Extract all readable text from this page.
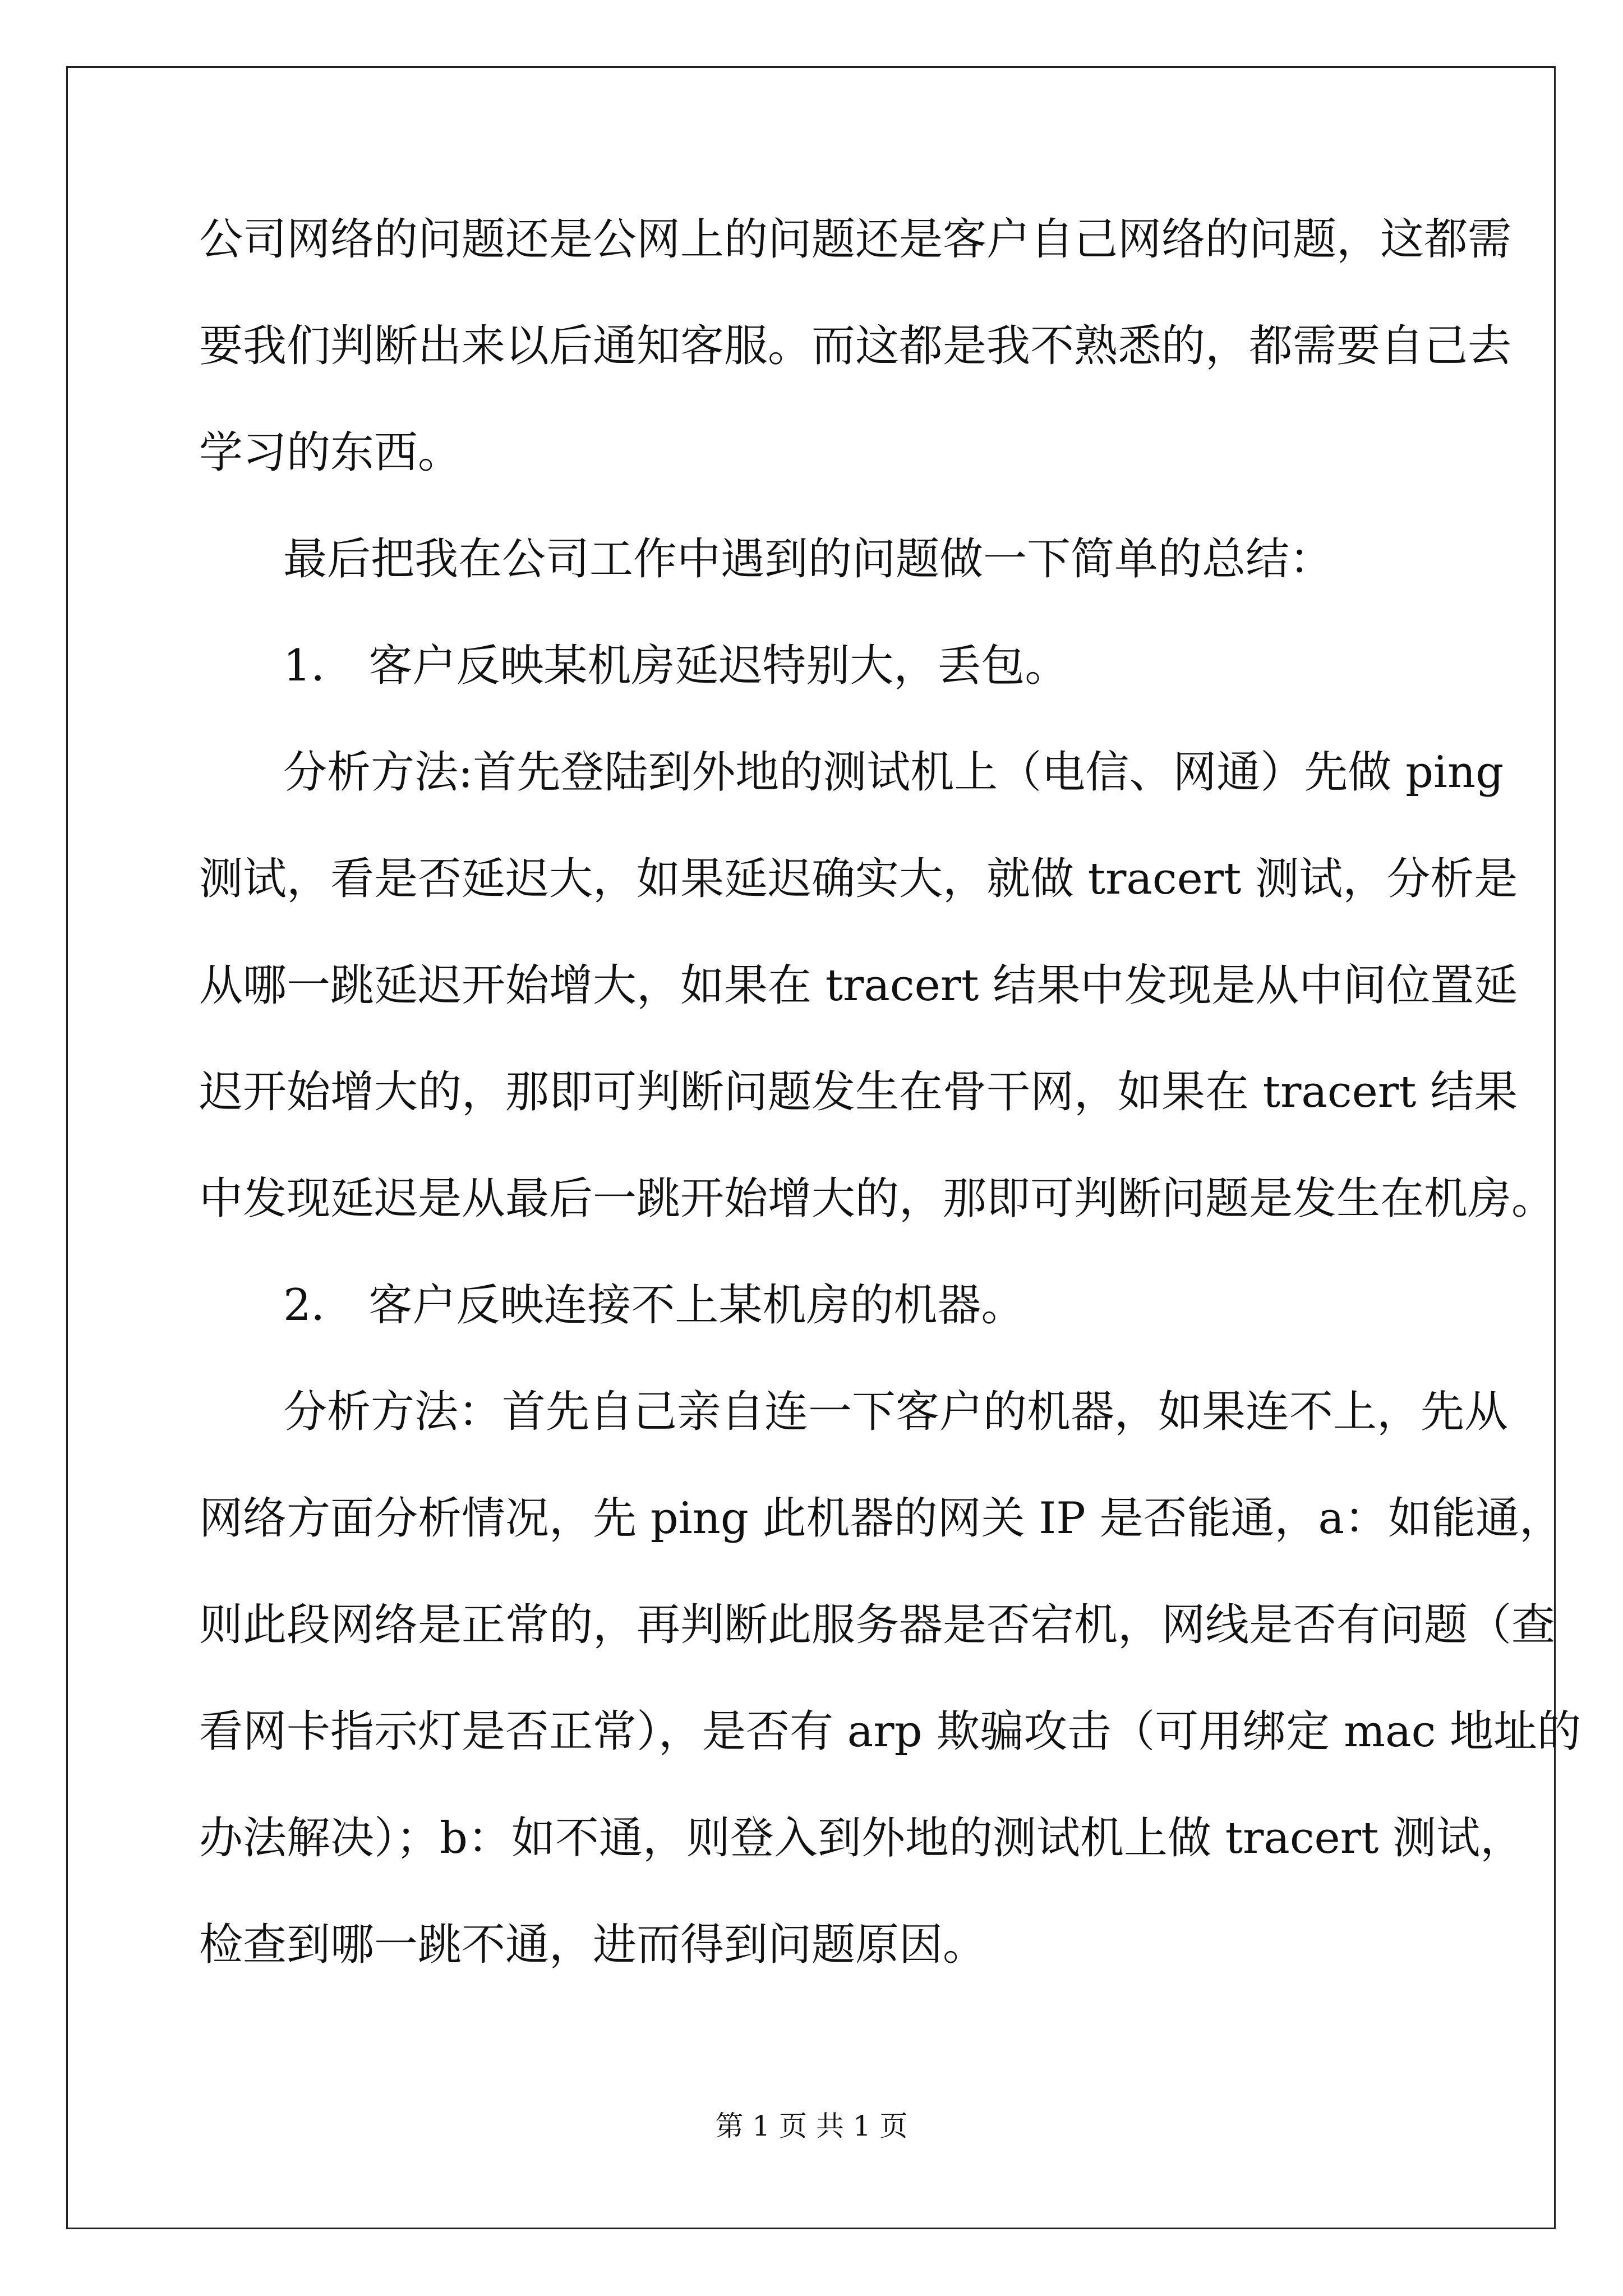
公司网络的问题还是公网上的问题还是客户自己网络的问题，这都需
要我们判断出来以后通知客服。而这都是我不熟悉的，都需要自己去
学习的东西。
最后把我在公司工作中遇到的问题做一下简单的总结：
1． 客户反映某机房延迟特别大，丢包。
分析方法:首先登陆到外地的测试机上（电信、网通）先做 ping
测试，看是否延迟大，如果延迟确实大，就做 tracert 测试，分析是
从哪一跳延迟开始增大，如果在 tracert 结果中发现是从中间位置延
迟开始增大的，那即可判断问题发生在骨干网，如果在 tracert 结果
中发现延迟是从最后一跳开始增大的，那即可判断问题是发生在机房。
2． 客户反映连接不上某机房的机器。
分析方法：首先自己亲自连一下客户的机器，如果连不上，先从
网络方面分析情况，先 ping 此机器的网关 IP 是否能通，a：如能通，
则此段网络是正常的，再判断此服务器是否宕机，网线是否有问题（查
看网卡指示灯是否正常），是否有 arp 欺骗攻击（可用绑定 mac 地址的
办法解决）；b：如不通，则登入到外地的测试机上做 tracert 测试，
检查到哪一跳不通，进而得到问题原因。
第 1 页 共 1 页
